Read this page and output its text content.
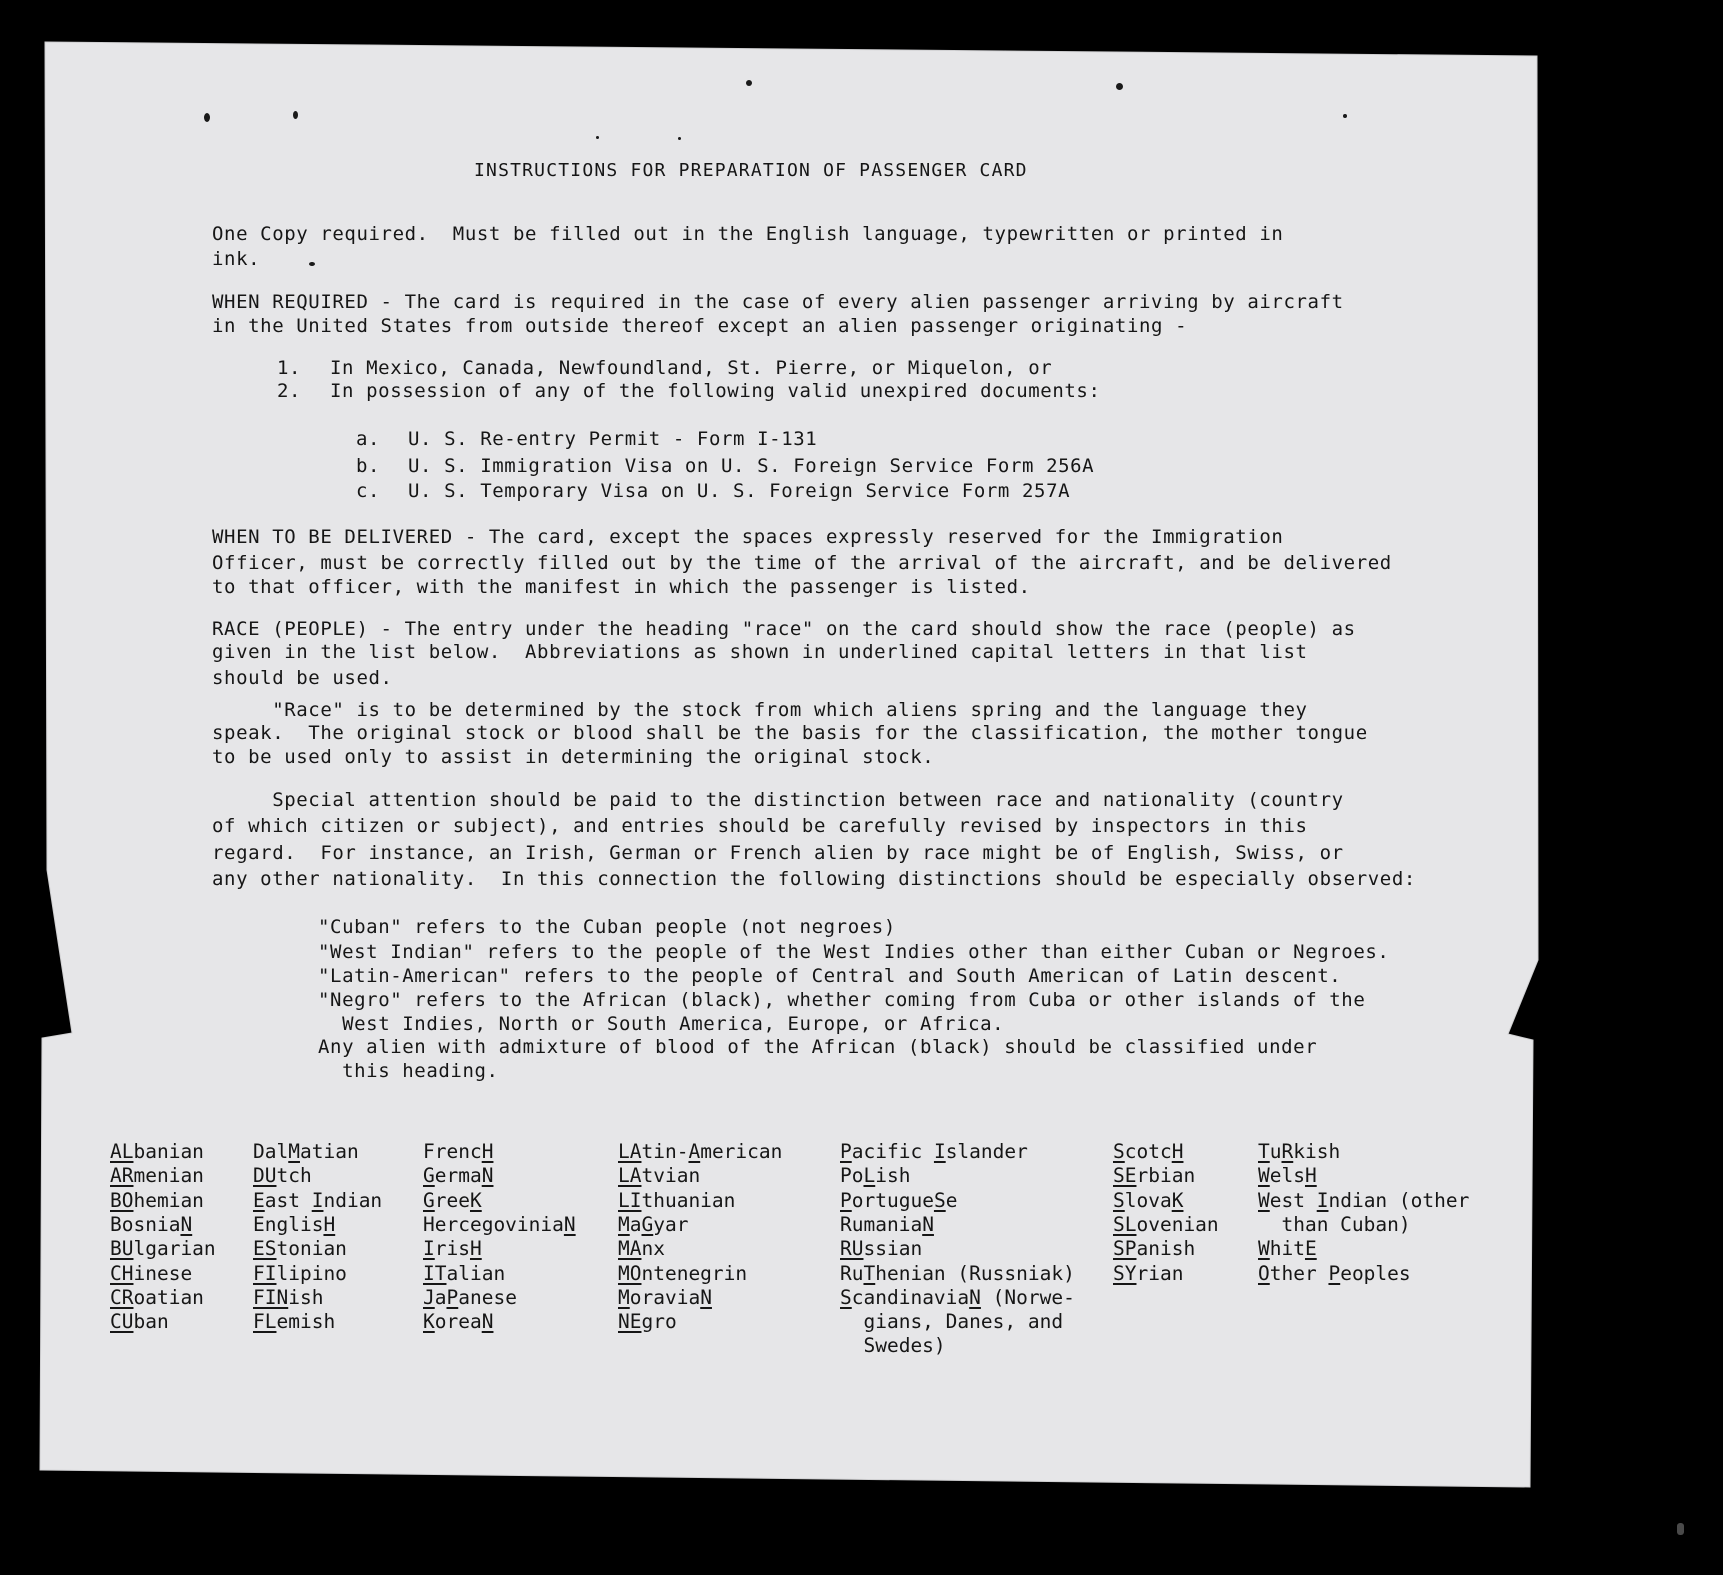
INSTRUCTIONS FOR PREPARATION OF PASSENGER CARD
One Copy required.  Must be filled out in the English language, typewritten or printed in
ink.
WHEN REQUIRED - The card is required in the case of every alien passenger arriving by aircraft
in the United States from outside thereof except an alien passenger originating -
1. In Mexico, Canada, Newfoundland, St. Pierre, or Miquelon, or
2. In possession of any of the following valid unexpired documents:
a. U. S. Re-entry Permit - Form I-131
b. U. S. Immigration Visa on U. S. Foreign Service Form 256A
c. U. S. Temporary Visa on U. S. Foreign Service Form 257A
WHEN TO BE DELIVERED - The card, except the spaces expressly reserved for the Immigration
Officer, must be correctly filled out by the time of the arrival of the aircraft, and be delivered
to that officer, with the manifest in which the passenger is listed.
RACE (PEOPLE) - The entry under the heading "race" on the card should show the race (people) as
given in the list below.  Abbreviations as shown in underlined capital letters in that list
should be used.
"Race" is to be determined by the stock from which aliens spring and the language they
speak.  The original stock or blood shall be the basis for the classification, the mother tongue
to be used only to assist in determining the original stock.
Special attention should be paid to the distinction between race and nationality (country
of which citizen or subject), and entries should be carefully revised by inspectors in this
regard.  For instance, an Irish, German or French alien by race might be of English, Swiss, or
any other nationality.  In this connection the following distinctions should be especially observed:
"Cuban" refers to the Cuban people (not negroes)
"West Indian" refers to the people of the West Indies other than either Cuban or Negroes.
"Latin-American" refers to the people of Central and South American of Latin descent.
"Negro" refers to the African (black), whether coming from Cuba or other islands of the
West Indies, North or South America, Europe, or Africa.
Any alien with admixture of blood of the African (black) should be classified under
this heading.
ALbanian
ARmenian
BOhemian
BosniaN
BUlgarian
CHinese
CRoatian
CUban
DalMatian
DUtch
East Indian
EnglisH
EStonian
FIlipino
FINish
FLemish
FrencH
GermaN
GreeK
HercegoviniaN
IrisH
ITalian
JaPanese
KoreaN
LAtin-American
LAtvian
LIthuanian
MaGyar
MAnx
MOntenegrin
MoraviaN
NEgro
Pacific Islander
PoLish
PortugueSe
RumaniaN
RUssian
RuThenian (Russniak)
ScandinaviaN (Norwe-
gians, Danes, and
Swedes)
ScotcH
SErbian
SlovaK
SLovenian
SPanish
SYrian
TuRkish
WelsH
West Indian (other
than Cuban)
WhitE
Other Peoples
